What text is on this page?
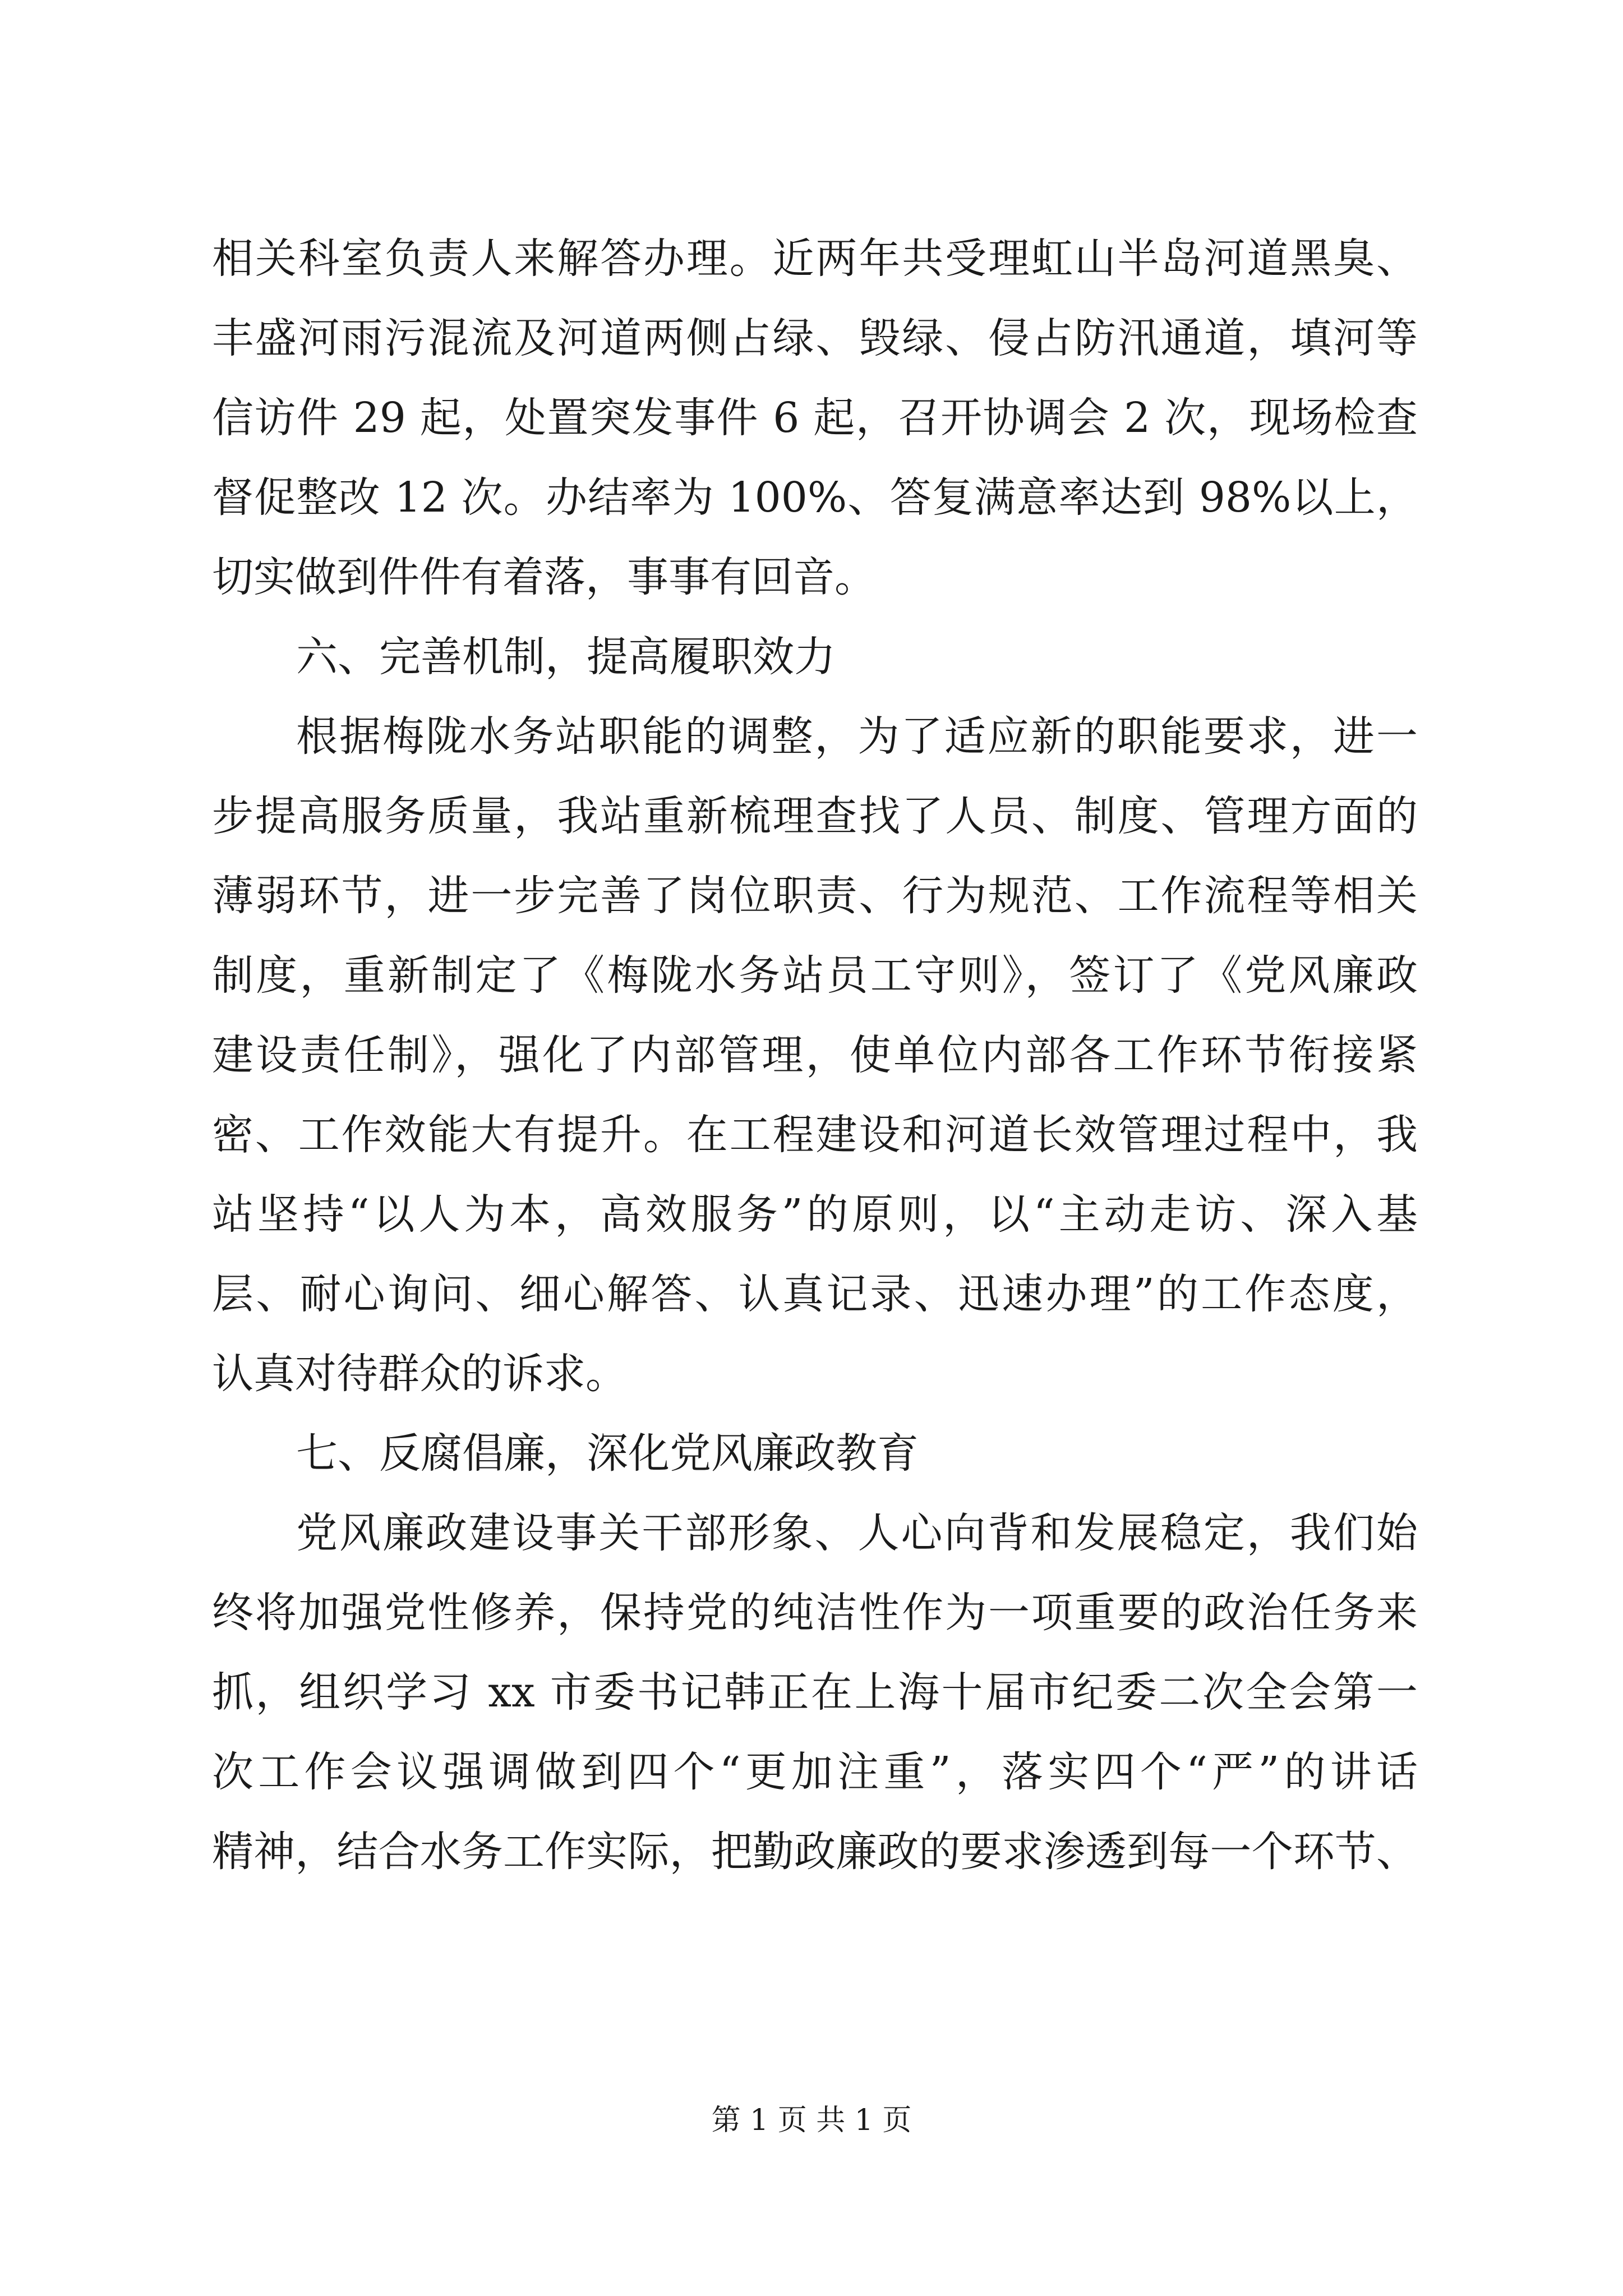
相关科室负责人来解答办理。近两年共受理虹山半岛河道黑臭、
丰盛河雨污混流及河道两侧占绿、毁绿、侵占防汛通道，填河等
信访件 29 起，处置突发事件 6 起，召开协调会 2 次，现场检查
督促整改 12 次。办结率为 100%、答复满意率达到 98%以上，
切实做到件件有着落，事事有回音。
六、完善机制，提高履职效力
根据梅陇水务站职能的调整，为了适应新的职能要求，进一
步提高服务质量，我站重新梳理查找了人员、制度、管理方面的
薄弱环节，进一步完善了岗位职责、行为规范、工作流程等相关
制度，重新制定了《梅陇水务站员工守则》，签订了《党风廉政
建设责任制》，强化了内部管理，使单位内部各工作环节衔接紧
密、工作效能大有提升。在工程建设和河道长效管理过程中，我
站坚持“以人为本，高效服务”的原则，以“主动走访、深入基
层、耐心询问、细心解答、认真记录、迅速办理”的工作态度，
认真对待群众的诉求。
七、反腐倡廉，深化党风廉政教育
党风廉政建设事关干部形象、人心向背和发展稳定，我们始
终将加强党性修养，保持党的纯洁性作为一项重要的政治任务来
抓，组织学习 xx 市委书记韩正在上海十届市纪委二次全会第一
次工作会议强调做到四个“更加注重”，落实四个“严”的讲话
精神，结合水务工作实际，把勤政廉政的要求渗透到每一个环节、
第 1 页 共 1 页
